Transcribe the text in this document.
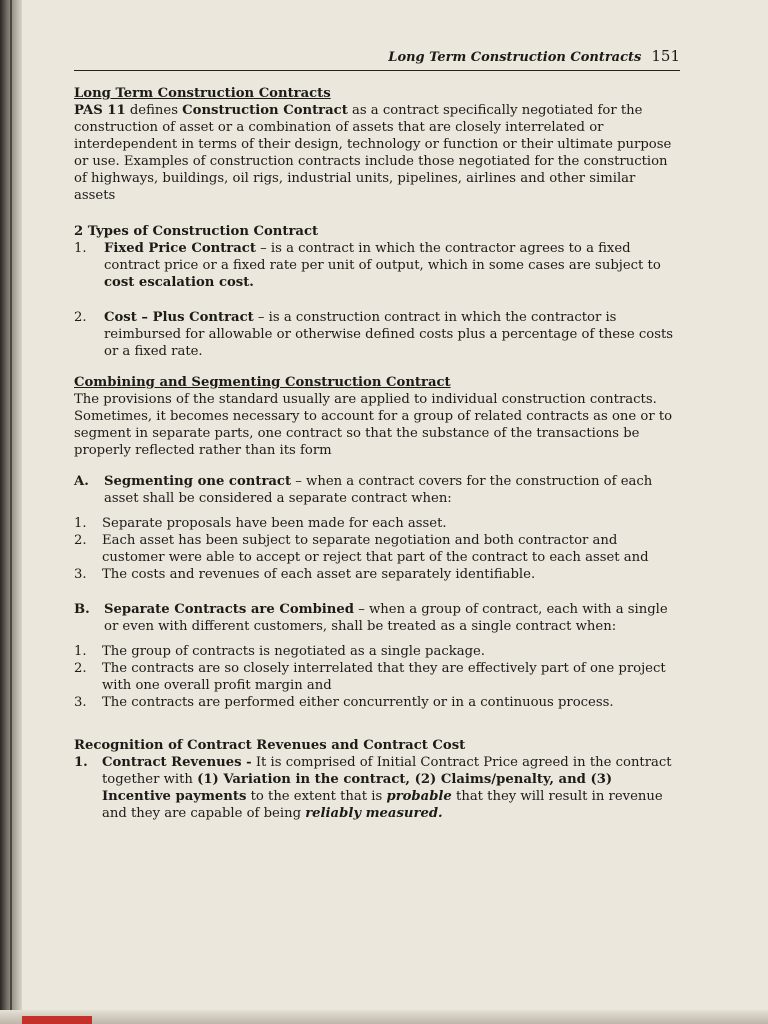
Long Term Construction Contracts 151

Long Term Construction Contracts

PAS 11 defines Construction Contract as a contract specifically negotiated for the construction of asset or a combination of assets that are closely interrelated or interdependent in terms of their design, technology or function or their ultimate purpose or use. Examples of construction contracts include those negotiated for the construction of highways, buildings, oil rigs, industrial units, pipelines, airlines and other similar assets

2 Types of Construction Contract

1.	Fixed Price Contract – is a contract in which the contractor agrees to a fixed contract price or a fixed rate per unit of output, which in some cases are subject to cost escalation cost.
2.	Cost – Plus Contract – is a construction contract in which the contractor is reimbursed for allowable or otherwise defined costs plus a percentage of these costs or a fixed rate.

Combining and Segmenting Construction Contract

The provisions of the standard usually are applied to individual construction contracts. Sometimes, it becomes necessary to account for a group of related contracts as one or to segment in separate parts, one contract so that the substance of the transactions be properly reflected rather than its form

A.	Segmenting one contract – when a contract covers for the construction of each asset shall be considered a separate contract when:
1.	Separate proposals have been made for each asset.
2.	Each asset has been subject to separate negotiation and both contractor and customer were able to accept or reject that part of the contract to each asset and
3.	The costs and revenues of each asset are separately identifiable.
B.	Separate Contracts are Combined – when a group of contract, each with a single or even with different customers, shall be treated as a single contract when:
1.	The group of contracts is negotiated as a single package.
2.	The contracts are so closely interrelated that they are effectively part of one project with one overall profit margin and
3.	The contracts are performed either concurrently or in a continuous process.

Recognition of Contract Revenues and Contract Cost

1.	Contract Revenues - It is comprised of Initial Contract Price agreed in the contract together with (1) Variation in the contract, (2) Claims/penalty, and (3) Incentive payments to the extent that is probable that they will result in revenue and they are capable of being reliably measured.
